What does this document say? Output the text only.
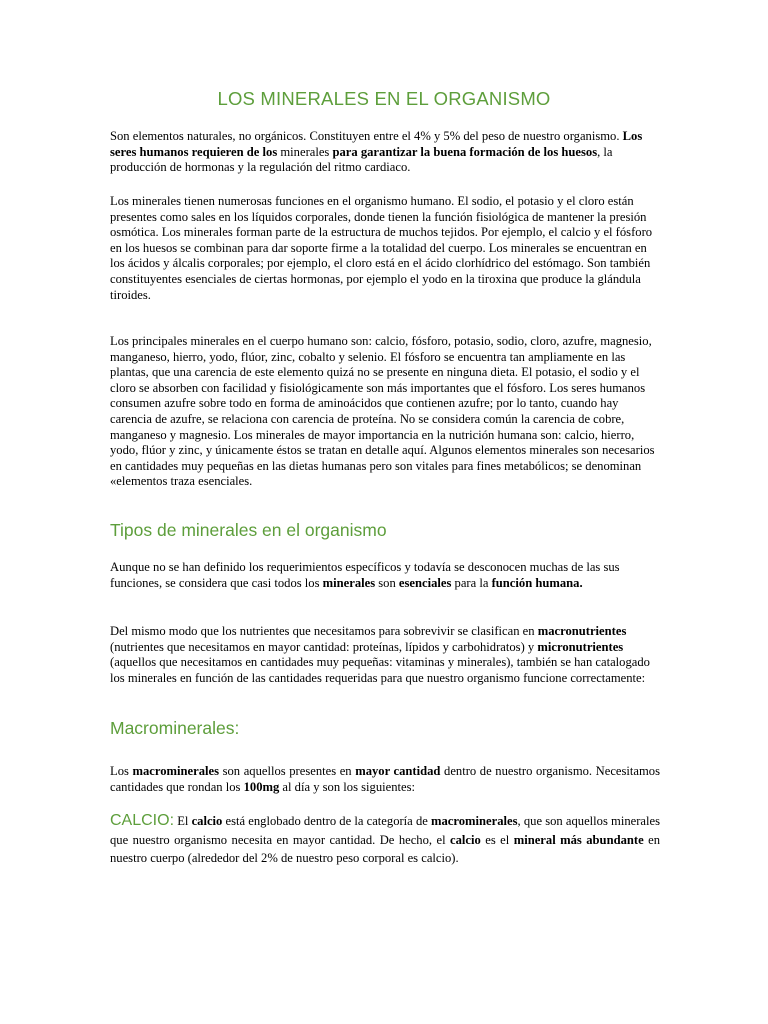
LOS MINERALES EN EL ORGANISMO
Son elementos naturales, no orgánicos. Constituyen entre el 4% y 5% del peso de nuestro organismo. Los seres humanos requieren de los minerales para garantizar la buena formación de los huesos, la producción de hormonas y la regulación del ritmo cardiaco.
Los minerales tienen numerosas funciones en el organismo humano. El sodio, el potasio y el cloro están presentes como sales en los líquidos corporales, donde tienen la función fisiológica de mantener la presión osmótica. Los minerales forman parte de la estructura de muchos tejidos. Por ejemplo, el calcio y el fósforo en los huesos se combinan para dar soporte firme a la totalidad del cuerpo. Los minerales se encuentran en los ácidos y álcalis corporales; por ejemplo, el cloro está en el ácido clorhídrico del estómago. Son también constituyentes esenciales de ciertas hormonas, por ejemplo el yodo en la tiroxina que produce la glándula tiroides.
Los principales minerales en el cuerpo humano son: calcio, fósforo, potasio, sodio, cloro, azufre, magnesio, manganeso, hierro, yodo, flúor, zinc, cobalto y selenio. El fósforo se encuentra tan ampliamente en las plantas, que una carencia de este elemento quizá no se presente en ninguna dieta. El potasio, el sodio y el cloro se absorben con facilidad y fisiológicamente son más importantes que el fósforo. Los seres humanos consumen azufre sobre todo en forma de aminoácidos que contienen azufre; por lo tanto, cuando hay carencia de azufre, se relaciona con carencia de proteína. No se considera común la carencia de cobre, manganeso y magnesio. Los minerales de mayor importancia en la nutrición humana son: calcio, hierro, yodo, flúor y zinc, y únicamente éstos se tratan en detalle aquí. Algunos elementos minerales son necesarios en cantidades muy pequeñas en las dietas humanas pero son vitales para fines metabólicos; se denominan «elementos traza esenciales.
Tipos de minerales en el organismo
Aunque no se han definido los requerimientos específicos y todavía se desconocen muchas de las sus funciones, se considera que casi todos los minerales son esenciales para la función humana.
Del mismo modo que los nutrientes que necesitamos para sobrevivir se clasifican en macronutrientes (nutrientes que necesitamos en mayor cantidad: proteínas, lípidos y carbohidratos) y micronutrientes (aquellos que necesitamos en cantidades muy pequeñas: vitaminas y minerales), también se han catalogado los minerales en función de las cantidades requeridas para que nuestro organismo funcione correctamente:
Macrominerales:
Los macrominerales son aquellos presentes en mayor cantidad dentro de nuestro organismo. Necesitamos cantidades que rondan los 100mg al día y son los siguientes:
CALCIO: El calcio está englobado dentro de la categoría de macrominerales, que son aquellos minerales que nuestro organismo necesita en mayor cantidad. De hecho, el calcio es el mineral más abundante en nuestro cuerpo (alrededor del 2% de nuestro peso corporal es calcio).
